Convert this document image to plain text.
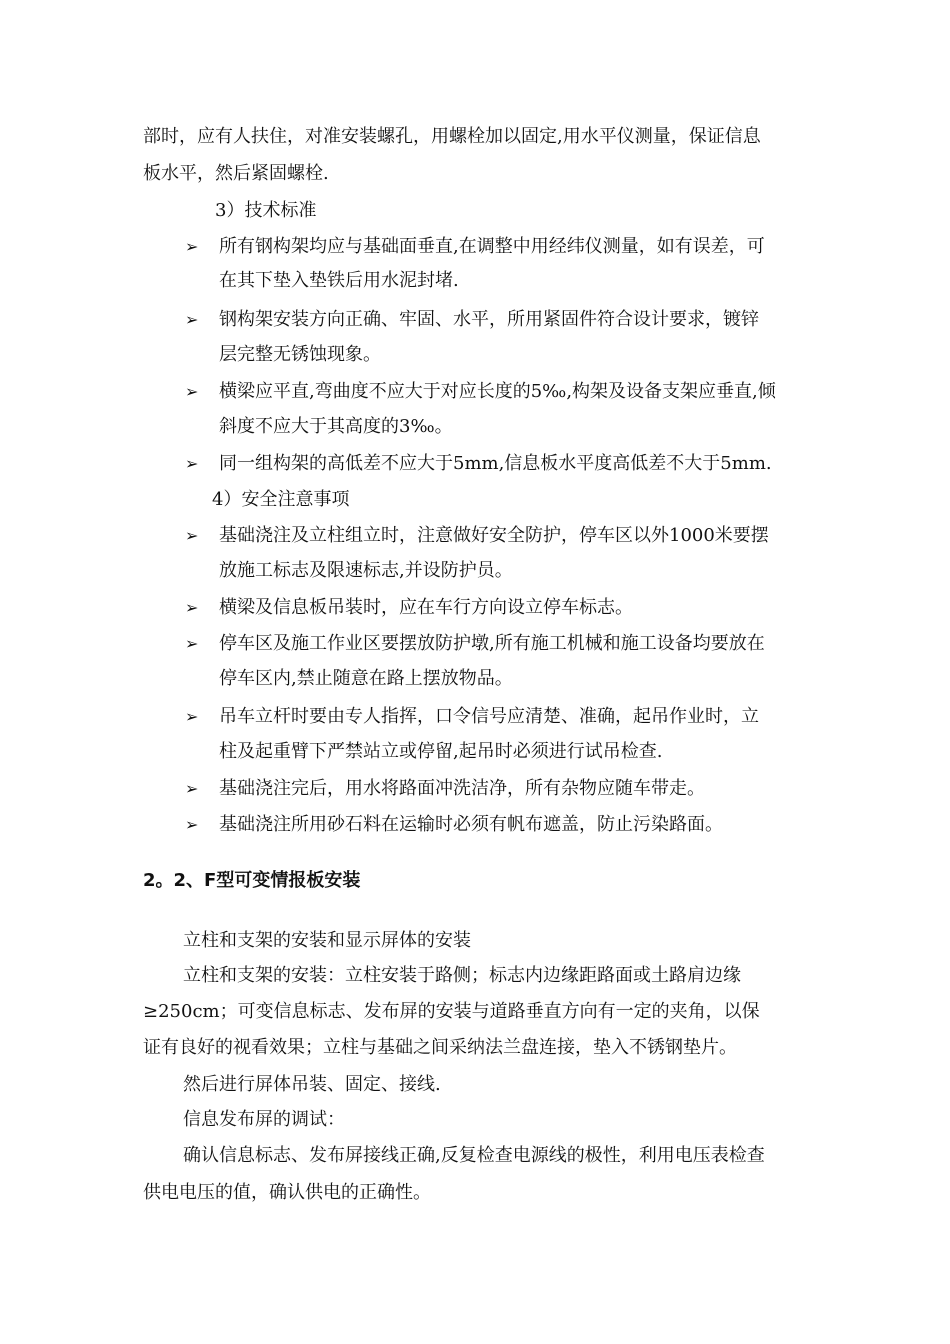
部时，应有人扶住，对准安装螺孔，用螺栓加以固定,用水平仪测量，保证信息
板水平，然后紧固螺栓.
3）技术标准
➢ 所有钢构架均应与基础面垂直,在调整中用经纬仪测量，如有误差，可
在其下垫入垫铁后用水泥封堵.
➢ 钢构架安装方向正确、牢固、水平，所用紧固件符合设计要求，镀锌
层完整无锈蚀现象。
➢ 横梁应平直,弯曲度不应大于对应长度的5‰,构架及设备支架应垂直,倾
斜度不应大于其高度的3‰。
➢ 同一组构架的高低差不应大于5mm,信息板水平度高低差不大于5mm.
4）安全注意事项
➢ 基础浇注及立柱组立时，注意做好安全防护，停车区以外1000米要摆
放施工标志及限速标志,并设防护员。
➢ 横梁及信息板吊装时，应在车行方向设立停车标志。
➢ 停车区及施工作业区要摆放防护墩,所有施工机械和施工设备均要放在
停车区内,禁止随意在路上摆放物品。
➢ 吊车立杆时要由专人指挥，口令信号应清楚、准确，起吊作业时，立
柱及起重臂下严禁站立或停留,起吊时必须进行试吊检查.
➢ 基础浇注完后，用水将路面冲洗洁净，所有杂物应随车带走。
➢ 基础浇注所用砂石料在运输时必须有帆布遮盖，防止污染路面。
2。2、F型可变情报板安装
立柱和支架的安装和显示屏体的安装
立柱和支架的安装：立柱安装于路侧；标志内边缘距路面或土路肩边缘
≥250cm；可变信息标志、发布屏的安装与道路垂直方向有一定的夹角，以保
证有良好的视看效果；立柱与基础之间采纳法兰盘连接，垫入不锈钢垫片。
然后进行屏体吊装、固定、接线.
信息发布屏的调试：
确认信息标志、发布屏接线正确,反复检查电源线的极性，利用电压表检查
供电电压的值，确认供电的正确性。
